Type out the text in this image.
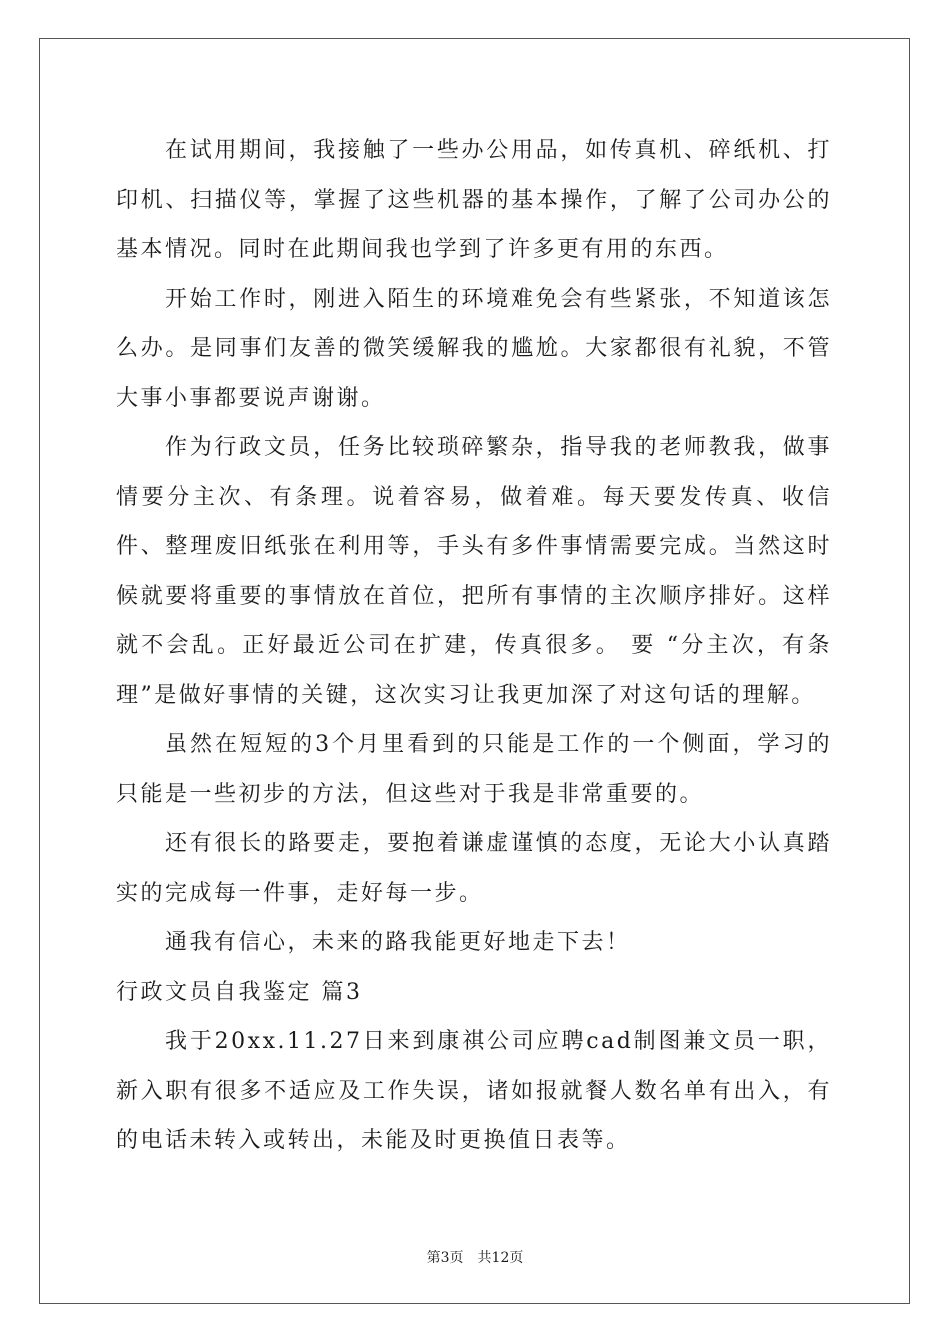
在试用期间，我接触了一些办公用品，如传真机、碎纸机、打印机、扫描仪等，掌握了这些机器的基本操作，了解了公司办公的基本情况。同时在此期间我也学到了许多更有用的东西。

开始工作时，刚进入陌生的环境难免会有些紧张，不知道该怎么办。是同事们友善的微笑缓解我的尴尬。大家都很有礼貌，不管大事小事都要说声谢谢。

作为行政文员，任务比较琐碎繁杂，指导我的老师教我，做事情要分主次、有条理。说着容易，做着难。每天要发传真、收信件、整理废旧纸张在利用等，手头有多件事情需要完成。当然这时候就要将重要的事情放在首位，把所有事情的主次顺序排好。这样就不会乱。正好最近公司在扩建，传真很多。 要 “分主次，有条理”是做好事情的关键，这次实习让我更加深了对这句话的理解。

虽然在短短的3个月里看到的只能是工作的一个侧面，学习的只能是一些初步的方法，但这些对于我是非常重要的。

还有很长的路要走，要抱着谦虚谨慎的态度，无论大小认真踏实的完成每一件事，走好每一步。

通我有信心，未来的路我能更好地走下去！

行政文员自我鉴定 篇3

我于20xx.11.27日来到康祺公司应聘cad制图兼文员一职，新入职有很多不适应及工作失误，诸如报就餐人数名单有出入，有的电话未转入或转出，未能及时更换值日表等。

第3页　共12页
